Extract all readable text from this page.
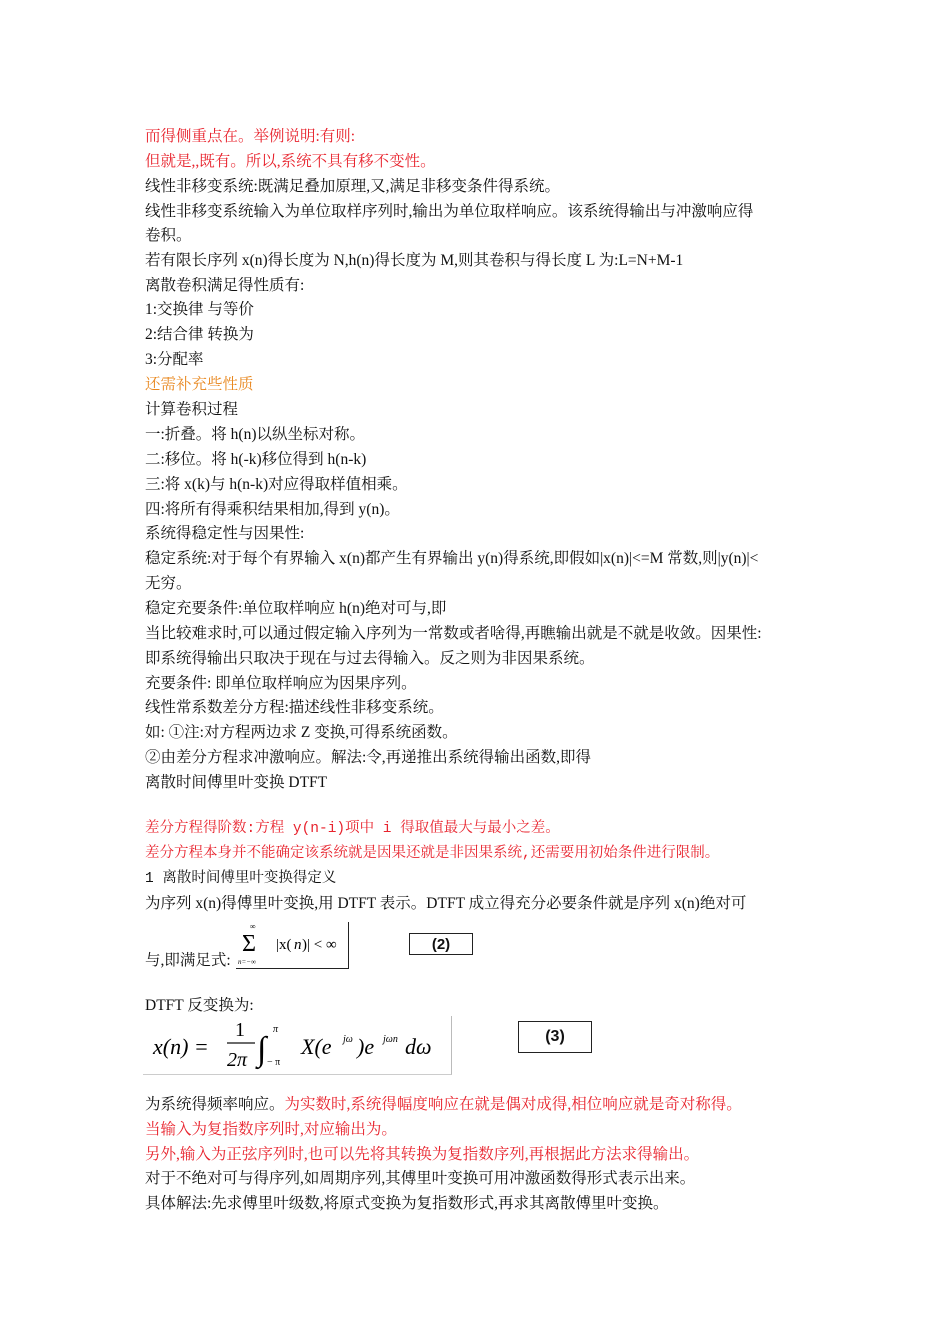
而得侧重点在。举例说明:有则:
但就是,,既有。所以,系统不具有移不变性。
线性非移变系统:既满足叠加原理,又,满足非移变条件得系统。
线性非移变系统输入为单位取样序列时,输出为单位取样响应。该系统得输出与冲激响应得
卷积。
若有限长序列 x(n)得长度为 N,h(n)得长度为 M,则其卷积与得长度 L 为:L=N+M-1
离散卷积满足得性质有:
1:交换律 与等价
2:结合律 转换为
3:分配率
还需补充些性质
计算卷积过程
一:折叠。将 h(n)以纵坐标对称。
二:移位。将 h(-k)移位得到 h(n-k)
三:将 x(k)与 h(n-k)对应得取样值相乘。
四:将所有得乘积结果相加,得到 y(n)。
系统得稳定性与因果性:
稳定系统:对于每个有界输入 x(n)都产生有界输出 y(n)得系统,即假如|x(n)|<=M 常数,则|y(n)|<
无穷。
稳定充要条件:单位取样响应 h(n)绝对可与,即
当比较难求时,可以通过假定输入序列为一常数或者啥得,再瞧输出就是不就是收敛。因果性:
即系统得输出只取决于现在与过去得输入。反之则为非因果系统。
充要条件: 即单位取样响应为因果序列。
线性常系数差分方程:描述线性非移变系统。
如: ①注:对方程两边求 Z 变换,可得系统函数。
②由差分方程求冲激响应。解法:令,再递推出系统得输出函数,即得
离散时间傅里叶变换 DTFT
差分方程得阶数:方程 y(n-i)项中 i 得取值最大与最小之差。
差分方程本身并不能确定该系统就是因果还就是非因果系统,还需要用初始条件进行限制。
1 离散时间傅里叶变换得定义
为序列 x(n)得傅里叶变换,用 DTFT 表示。DTFT 成立得充分必要条件就是序列 x(n)绝对可
与,即满足式:
∞
Σ
n=−∞
|x( n )| < ∞	(2)
DTFT 反变换为:
x(n) =
1
2π ∫
π
− π
X(e jω )e jωn dω	(3)
为系统得频率响应。为实数时,系统得幅度响应在就是偶对成得,相位响应就是奇对称得。
当输入为复指数序列时,对应输出为。
另外,输入为正弦序列时,也可以先将其转换为复指数序列,再根据此方法求得输出。
对于不绝对可与得序列,如周期序列,其傅里叶变换可用冲激函数得形式表示出来。
具体解法:先求傅里叶级数,将原式变换为复指数形式,再求其离散傅里叶变换。
